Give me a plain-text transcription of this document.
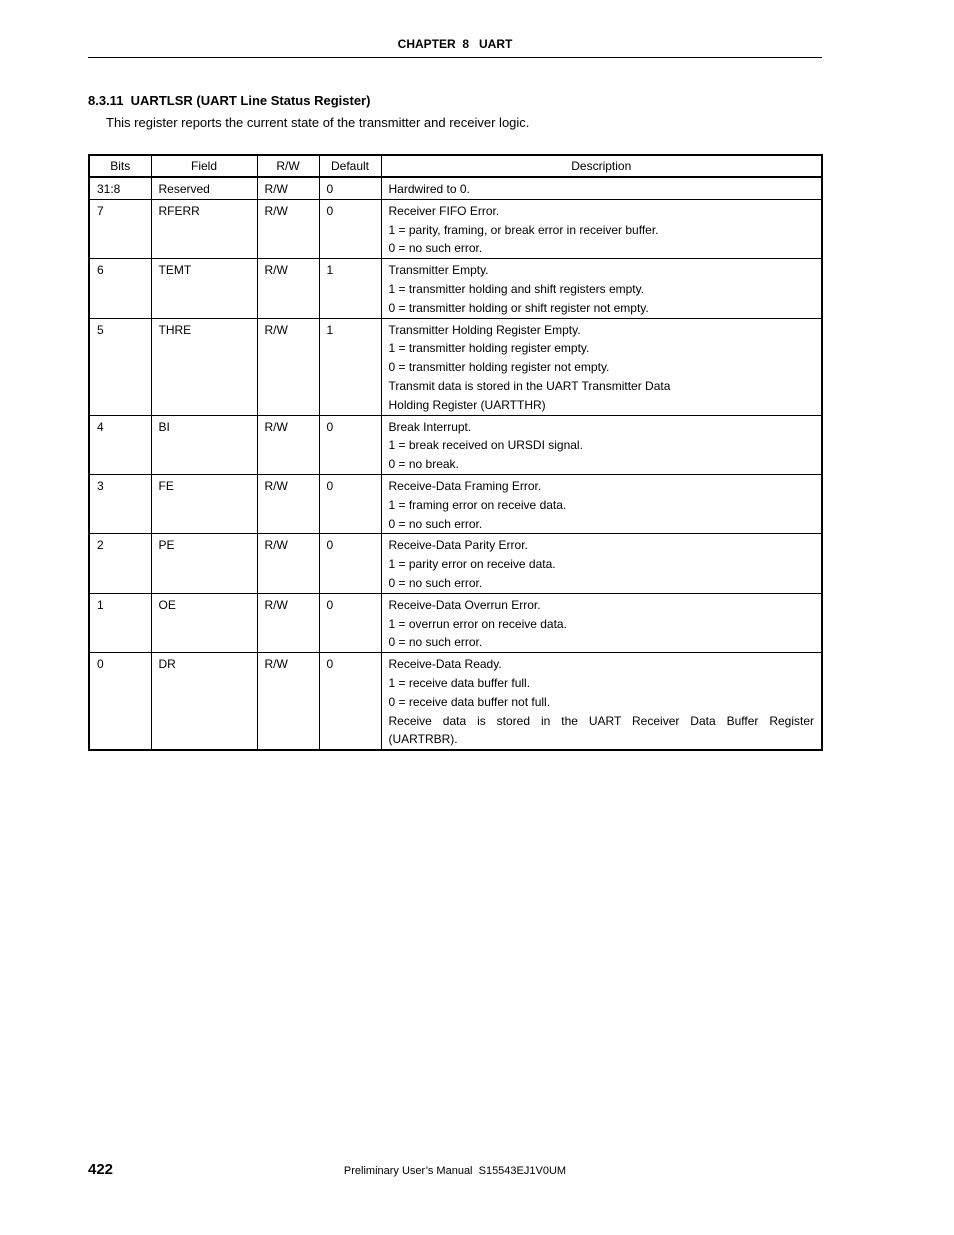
CHAPTER  8   UART
8.3.11  UARTLSR (UART Line Status Register)
This register reports the current state of the transmitter and receiver logic.
Bits	Field	R/W	Default	Description
31:8	Reserved	R/W	0	Hardwired to 0.

7	RFERR	R/W	0	Receiver FIFO Error.
1 = parity, framing, or break error in receiver buffer.
0 = no such error.

6	TEMT	R/W	1	Transmitter Empty.
1 = transmitter holding and shift registers empty.
0 = transmitter holding or shift register not empty.

5	THRE	R/W	1	Transmitter Holding Register Empty.
1 = transmitter holding register empty.
0 = transmitter holding register not empty.
Transmit data is stored in the UART Transmitter Data
Holding Register (UARTTHR)

4	BI	R/W	0	Break Interrupt.
1 = break received on URSDI signal.
0 = no break.

3	FE	R/W	0	Receive-Data Framing Error.
1 = framing error on receive data.
0 = no such error.

2	PE	R/W	0	Receive-Data Parity Error.
1 = parity error on receive data.
0 = no such error.

1	OE	R/W	0	Receive-Data Overrun Error.
1 = overrun error on receive data.
0 = no such error.

0	DR	R/W	0	Receive-Data Ready.
1 = receive data buffer full.
0 = receive data buffer not full.
Receive data is stored in the UART Receiver Data Buffer Register
(UARTRBR).
422	Preliminary User’s Manual  S15543EJ1V0UM
